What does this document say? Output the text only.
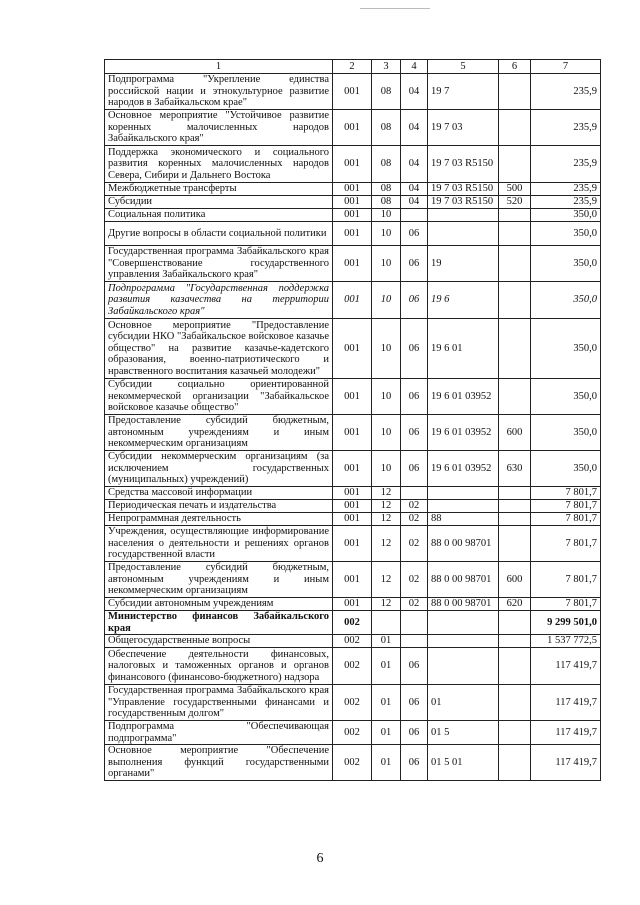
1	2	3	4	5	6	7
Подпрограмма "Укрепление единства российской нации и этнокультурное развитие народов в Забайкальском крае"	001	08	04	19 7		235,9
Основное мероприятие "Устойчивое развитие коренных малочисленных народов Забайкальского края"	001	08	04	19 7 03		235,9
Поддержка экономического и социального развития коренных малочисленных народов Севера, Сибири и Дальнего Востока	001	08	04	19 7 03 R5150		235,9
Межбюджетные трансферты	001	08	04	19 7 03 R5150	500	235,9
Субсидии	001	08	04	19 7 03 R5150	520	235,9
Социальная политика	001	10				350,0
Другие вопросы в области социальной политики	001	10	06			350,0
Государственная программа Забайкальского края "Совершенствование государственного управления Забайкальского края"	001	10	06	19		350,0
Подпрограмма "Государственная поддержка развития казачества на территории Забайкальского края"	001	10	06	19 6		350,0
Основное мероприятие "Предоставление субсидии НКО "Забайкальское войсковое казачье общество" на развитие казачье-кадетского образования, военно-патриотического и нравственного воспитания казачьей молодежи"	001	10	06	19 6 01		350,0
Субсидии социально ориентированной некоммерческой организации "Забайкальское войсковое казачье общество"	001	10	06	19 6 01 03952		350,0
Предоставление субсидий бюджетным, автономным учреждениям и иным некоммерческим организациям	001	10	06	19 6 01 03952	600	350,0
Субсидии некоммерческим организациям (за исключением государственных (муниципальных) учреждений)	001	10	06	19 6 01 03952	630	350,0
Средства массовой информации	001	12				7 801,7
Периодическая печать и издательства	001	12	02			7 801,7
Непрограммная деятельность	001	12	02	88		7 801,7
Учреждения, осуществляющие информирование населения о деятельности и решениях органов государственной власти	001	12	02	88 0 00 98701		7 801,7
Предоставление субсидий бюджетным, автономным учреждениям и иным некоммерческим организациям	001	12	02	88 0 00 98701	600	7 801,7
Субсидии автономным учреждениям	001	12	02	88 0 00 98701	620	7 801,7
Министерство финансов Забайкальского края	002					9 299 501,0
Общегосударственные вопросы	002	01				1 537 772,5
Обеспечение деятельности финансовых, налоговых и таможенных органов и органов финансового (финансово-бюджетного) надзора	002	01	06			117 419,7
Государственная программа Забайкальского края "Управление государственными финансами и государственным долгом"	002	01	06	01		117 419,7
Подпрограмма "Обеспечивающая подпрограмма"	002	01	06	01 5		117 419,7
Основное мероприятие "Обеспечение выполнения функций государственными органами"	002	01	06	01 5 01		117 419,7
6
